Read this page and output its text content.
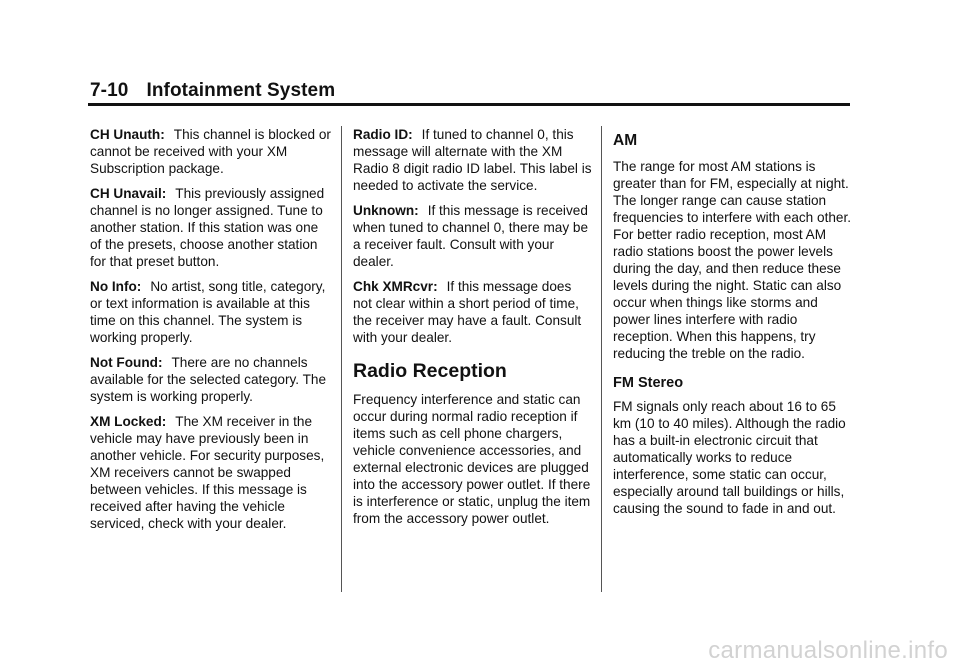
7-10 Infotainment System

CH Unauth: This channel is blocked or cannot be received with your XM Subscription package.

CH Unavail: This previously assigned channel is no longer assigned. Tune to another station. If this station was one of the presets, choose another station for that preset button.

No Info: No artist, song title, category, or text information is available at this time on this channel. The system is working properly.

Not Found: There are no channels available for the selected category. The system is working properly.

XM Locked: The XM receiver in the vehicle may have previously been in another vehicle. For security purposes, XM receivers cannot be swapped between vehicles. If this message is received after having the vehicle serviced, check with your dealer.

Radio ID: If tuned to channel 0, this message will alternate with the XM Radio 8 digit radio ID label. This label is needed to activate the service.

Unknown: If this message is received when tuned to channel 0, there may be a receiver fault. Consult with your dealer.

Chk XMRcvr: If this message does not clear within a short period of time, the receiver may have a fault. Consult with your dealer.

Radio Reception

Frequency interference and static can occur during normal radio reception if items such as cell phone chargers, vehicle convenience accessories, and external electronic devices are plugged into the accessory power outlet. If there is interference or static, unplug the item from the accessory power outlet.

AM

The range for most AM stations is greater than for FM, especially at night. The longer range can cause station frequencies to interfere with each other. For better radio reception, most AM radio stations boost the power levels during the day, and then reduce these levels during the night. Static can also occur when things like storms and power lines interfere with radio reception. When this happens, try reducing the treble on the radio.

FM Stereo

FM signals only reach about 16 to 65 km (10 to 40 miles). Although the radio has a built-in electronic circuit that automatically works to reduce interference, some static can occur, especially around tall buildings or hills, causing the sound to fade in and out.

carmanualsonline.info
